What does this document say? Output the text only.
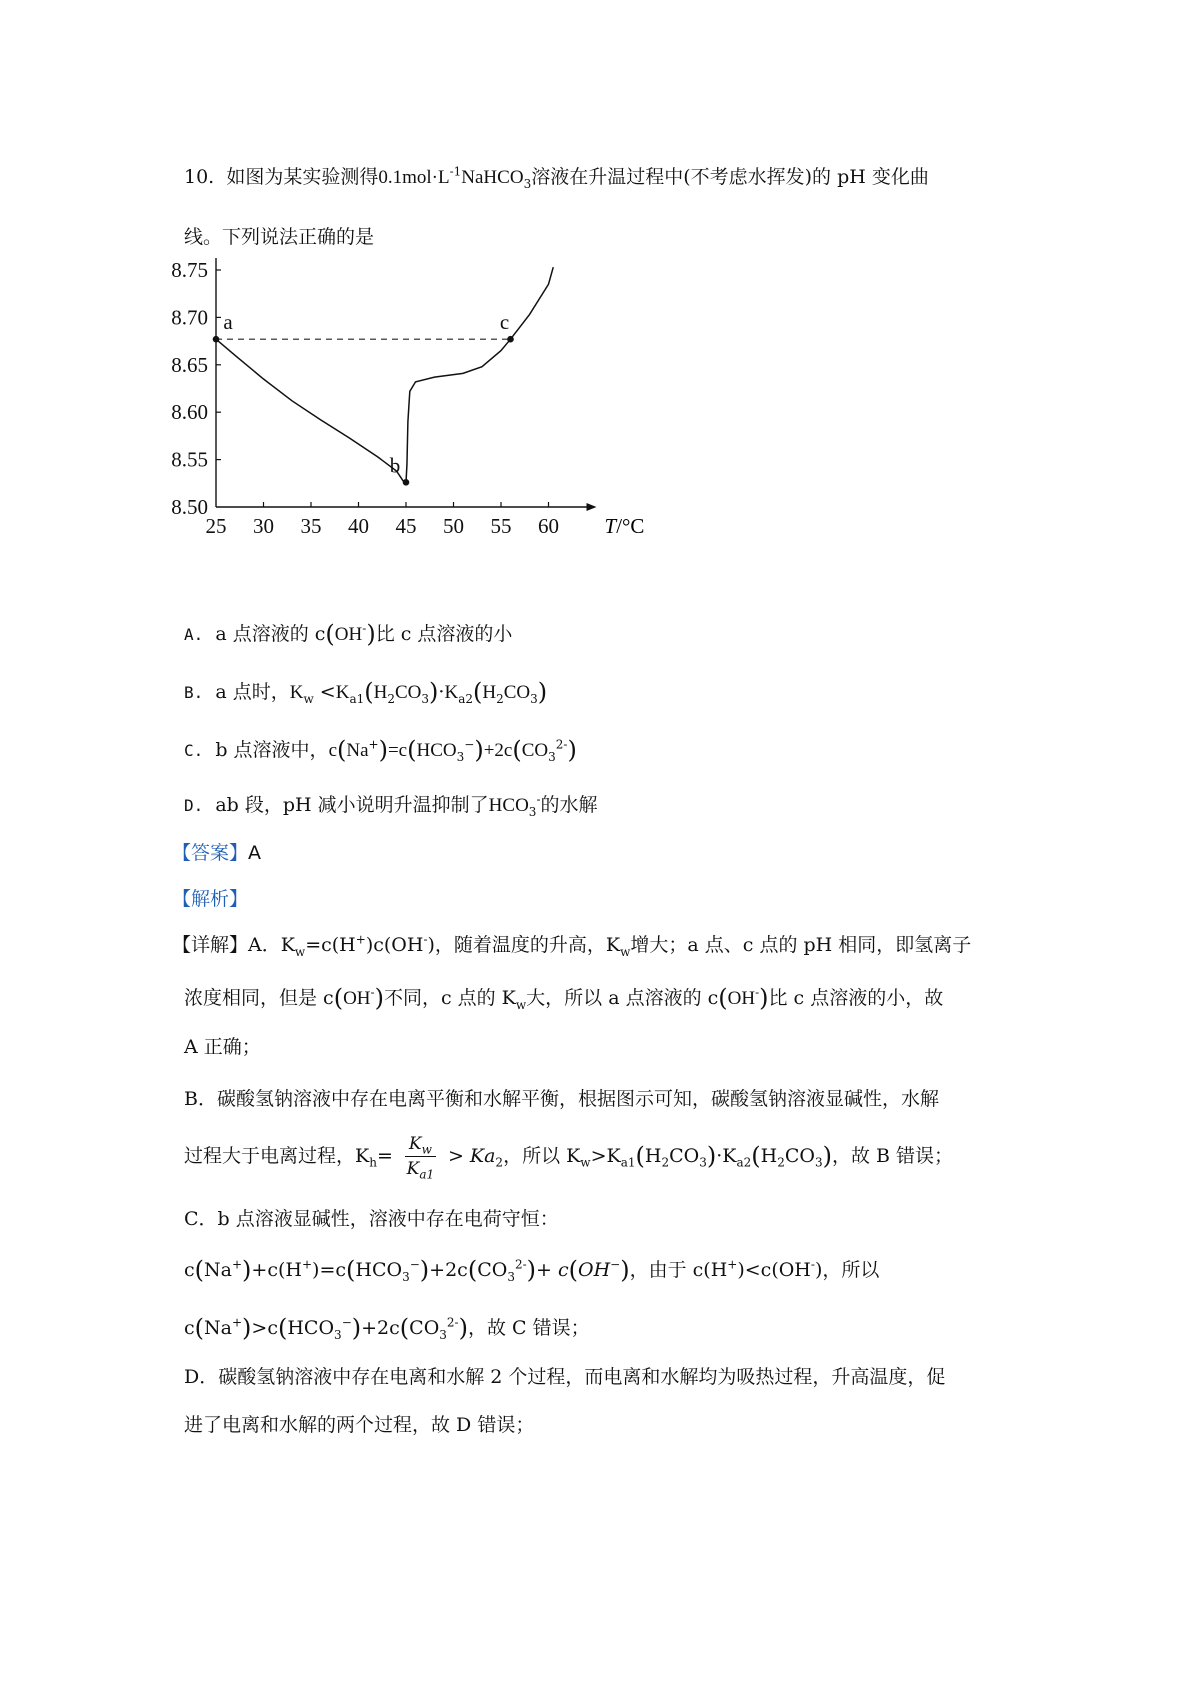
10. 如图为某实验测得$0.1mol\cdot L^{-1}NaHCO_3$溶液在升温过程中(不考虑水挥发)的 pH 变化曲
线。下列说法正确的是
25 30 35 40 45 50 55 60
8.50
8.55
8.60
8.65
8.70
8.75
a
b
c
T/°C
A. a 点溶液的 c(OH-)比 c 点溶液的小
B. a 点时，$K_w <K_{a1}(H_2CO_3)\cdot K_{a2}(H_2CO_3)$
C. b 点溶液中，$c(Na^+)=c(HCO_3^-)+2c(CO_3^{2-})$
D. ab 段，pH 减小说明升温抑制了$HCO_3^-$的水解
【答案】A
【解析】
【详解】A．$K_w=c(H^+)c(OH^-)$，随着温度的升高，$K_w$增大；a 点、c 点的 pH 相同，即氢离子
浓度相同，但是 c(OH-)不同，c 点的 $K_w$大，所以 a 点溶液的 c(OH-)比 c 点溶液的小，故
A 正确；
B．碳酸氢钠溶液中存在电离平衡和水解平衡，根据图示可知，碳酸氢钠溶液显碱性，水解
过程大于电离过程，$K_h= \frac{K_w}{K_{a1}} > Ka_2$，所以 $K_w>K_{a1}(H_2CO_3)\cdot K_{a2}(H_2CO_3)$，故 B 错误；
C．b 点溶液显碱性，溶液中存在电荷守恒：
$c(Na^+)+c(H^+)=c(HCO_3^-)+2c(CO_3^{2-})+ c(OH^-)$，由于 c(H+)<c(OH-)，所以
$c(Na^+)>c(HCO_3^-)+2c(CO_3^{2-})$，故 C 错误；
D．碳酸氢钠溶液中存在电离和水解 2 个过程，而电离和水解均为吸热过程，升高温度，促
进了电离和水解的两个过程，故 D 错误；
